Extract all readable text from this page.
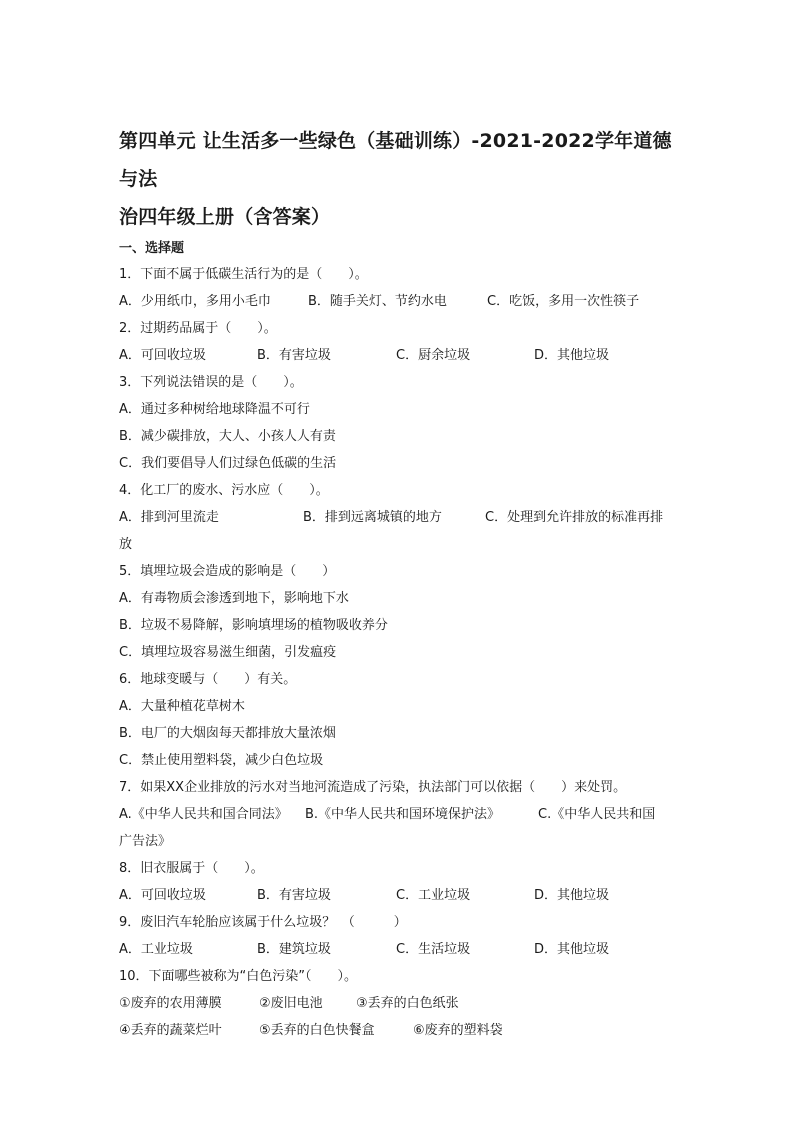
第四单元 让生活多一些绿色（基础训练）-2021-2022学年道德与法
治四年级上册（含答案）
一、选择题
1．下面不属于低碳生活行为的是（　　）。
A．少用纸巾，多用小毛巾	B．随手关灯、节约水电	C．吃饭，多用一次性筷子
2．过期药品属于（　　）。
A．可回收垃圾	B．有害垃圾	C．厨余垃圾	D．其他垃圾
3．下列说法错误的是（　　）。
A．通过多种树给地球降温不可行
B．减少碳排放，大人、小孩人人有责
C．我们要倡导人们过绿色低碳的生活
4．化工厂的废水、污水应（　　）。
A．排到河里流走	B．排到远离城镇的地方	C．处理到允许排放的标准再排
放
5．填埋垃圾会造成的影响是（　　）
A．有毒物质会渗透到地下，影响地下水
B．垃圾不易降解，影响填埋场的植物吸收养分
C．填埋垃圾容易滋生细菌，引发瘟疫
6．地球变暖与（　　）有关。
A．大量种植花草树木
B．电厂的大烟囱每天都排放大量浓烟
C．禁止使用塑料袋，减少白色垃圾
7．如果XX企业排放的污水对当地河流造成了污染，执法部门可以依据（　　）来处罚。
A.《中华人民共和国合同法》 B.《中华人民共和国环境保护法》	C.《中华人民共和国
广告法》
8．旧衣服属于（　　）。
A．可回收垃圾	B．有害垃圾	C．工业垃圾	D．其他垃圾
9．废旧汽车轮胎应该属于什么垃圾？　（　　　）
A．工业垃圾	B．建筑垃圾	C．生活垃圾	D．其他垃圾
10．下面哪些被称为“白色污染”（　　）。
①废弃的农用薄膜	②废旧电池	③丢弃的白色纸张
④丢弃的蔬菜烂叶	⑤丢弃的白色快餐盒	⑥废弃的塑料袋
